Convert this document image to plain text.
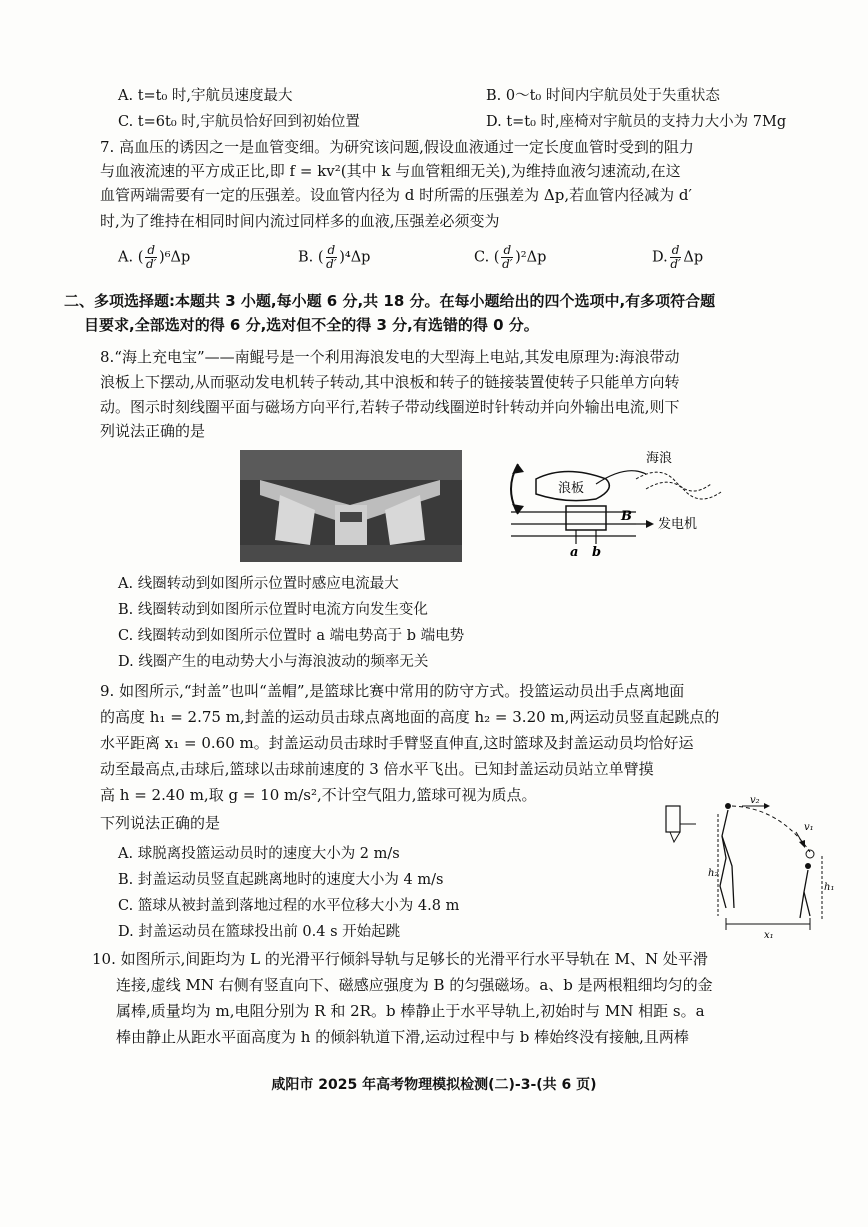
A. t=t₀ 时,宇航员速度最大	B. 0～t₀ 时间内宇航员处于失重状态
C. t=6t₀ 时,宇航员恰好回到初始位置	D. t=t₀ 时,座椅对宇航员的支持力大小为 7Mg
7. 高血压的诱因之一是血管变细。为研究该问题,假设血液通过一定长度血管时受到的阻力
与血液流速的平方成正比,即 f = kv²(其中 k 与血管粗细无关),为维持血液匀速流动,在这
血管两端需要有一定的压强差。设血管内径为 d 时所需的压强差为 Δp,若血管内径减为 d′
时,为了维持在相同时间内流过同样多的血液,压强差必须变为
A. ( $\frac{d}{d'} )^6\Delta p$	B. ( $\frac{d}{d'} )^4\Delta p$	C. ( $\frac{d}{d'} )^2\Delta p$	D. $\frac{d}{d'}$ Δp
二、多项选择题:本题共 3 小题,每小题 6 分,共 18 分。在每小题给出的四个选项中,有多项符合题
目要求,全部选对的得 6 分,选对但不全的得 3 分,有选错的得 0 分。
8.“海上充电宝”——南鲲号是一个利用海浪发电的大型海上电站,其发电原理为:海浪带动
浪板上下摆动,从而驱动发电机转子转动,其中浪板和转子的链接装置使转子只能单方向转
动。图示时刻线圈平面与磁场方向平行,若转子带动线圈逆时针转动并向外输出电流,则下
列说法正确的是
浪板
海浪
B
发电机
a b
A. 线圈转动到如图所示位置时感应电流最大
B. 线圈转动到如图所示位置时电流方向发生变化
C. 线圈转动到如图所示位置时 a 端电势高于 b 端电势
D. 线圈产生的电动势大小与海浪波动的频率无关
9. 如图所示,“封盖”也叫“盖帽”,是篮球比赛中常用的防守方式。投篮运动员出手点离地面
的高度 h₁ = 2.75 m,封盖的运动员击球点离地面的高度 h₂ = 3.20 m,两运动员竖直起跳点的
水平距离 x₁ = 0.60 m。封盖运动员击球时手臂竖直伸直,这时篮球及封盖运动员均恰好运
动至最高点,击球后,篮球以击球前速度的 3 倍水平飞出。已知封盖运动员站立单臂摸
高 h = 2.40 m,取 g = 10 m/s²,不计空气阻力,篮球可视为质点。
下列说法正确的是
A. 球脱离投篮运动员时的速度大小为 2 m/s
B. 封盖运动员竖直起跳离地时的速度大小为 4 m/s
C. 篮球从被封盖到落地过程的水平位移大小为 4.8 m
D. 封盖运动员在篮球投出前 0.4 s 开始起跳
h₂
v₂
v₁
h₁
x₁
10. 如图所示,间距均为 L 的光滑平行倾斜导轨与足够长的光滑平行水平导轨在 M、N 处平滑
连接,虚线 MN 右侧有竖直向下、磁感应强度为 B 的匀强磁场。a、b 是两根粗细均匀的金
属棒,质量均为 m,电阻分别为 R 和 2R。b 棒静止于水平导轨上,初始时与 MN 相距 s。a
棒由静止从距水平面高度为 h 的倾斜轨道下滑,运动过程中与 b 棒始终没有接触,且两棒
咸阳市 2025 年高考物理模拟检测(二)-3-(共 6 页)
